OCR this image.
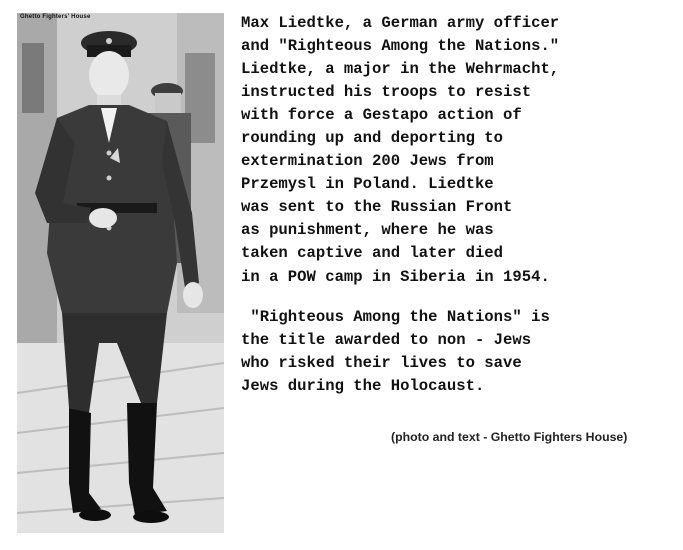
Ghetto Fighters' House	Max Liedtke, a German army officer
and "Righteous Among the Nations."
Liedtke, a major in the Wehrmacht,
instructed his troops to resist
with force a Gestapo action of
rounding up and deporting to
extermination 200 Jews from
Przemysl in Poland. Liedtke
was sent to the Russian Front
as punishment, where he was
taken captive and later died
in a POW camp in Siberia in 1954.
"Righteous Among the Nations" is
the title awarded to non - Jews
who risked their lives to save
Jews during the Holocaust.
(photo and text - Ghetto Fighters House)
